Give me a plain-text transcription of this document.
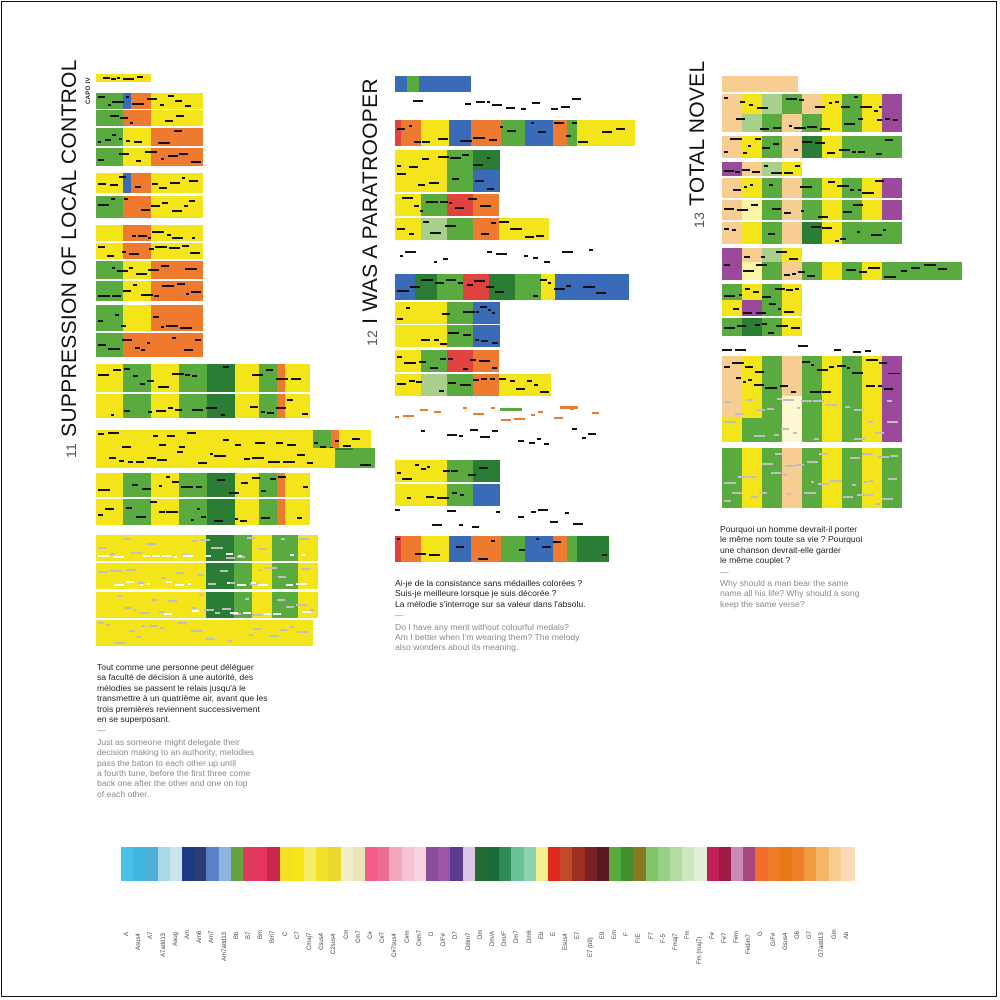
11SUPPRESSION OF LOCAL CONTROL CAPO IV
Tout comme une personne peut déléguer
sa faculté de décision à une autorité, des
mélodies se passent le relais jusqu'à le
transmettre à un quatrième air, avant que les
trois premières reviennent successivement
en se superposant.
—
Just as someone might delegate their
decision making to an authority, melodies
pass the baton to each other up until
a fourth tune, before the first three come
back one after the other and one on top
of each other.
12I WAS A PARATROOPER
Ai-je de la consistance sans médailles colorées ?
Suis-je meilleure lorsque je suis décorée ?
La mélodie s'interroge sur sa valeur dans l'absolu.
—
Do I have any merit without colourful medals?
Am I better when I'm wearing them? The melody
also wonders about its meaning.
13TOTAL NOVEL
Pourquoi un homme devrait-il porter
le même nom toute sa vie ? Pourquoi
une chanson devrait-elle garder
le même couplet ?
—
Why should a man bear the same
name all his life? Why should a song
keep the same verse?
A Asus4 A7 A7add13 Aaug Am Am6 Am7 Am7add13 Bb B7 Bm Bm7 C C7 Cmaj7 Csus4 C2sus4 Cm Cm7 C# C#7 C#7sus4 C#m C#m7 D D/F# D7 Ddim7 Dm Dm/A Dm/F Dm7 Dm6 Eb E Esus4 E7
E7 (b9)
E9 Em F F/E F7 F-5 Fmaj7 Fm
Fm (maj7)
F# F#7 F#m F#dim7
G G/F# Gsus4 G6 G7 G7add13 Gm Ab
